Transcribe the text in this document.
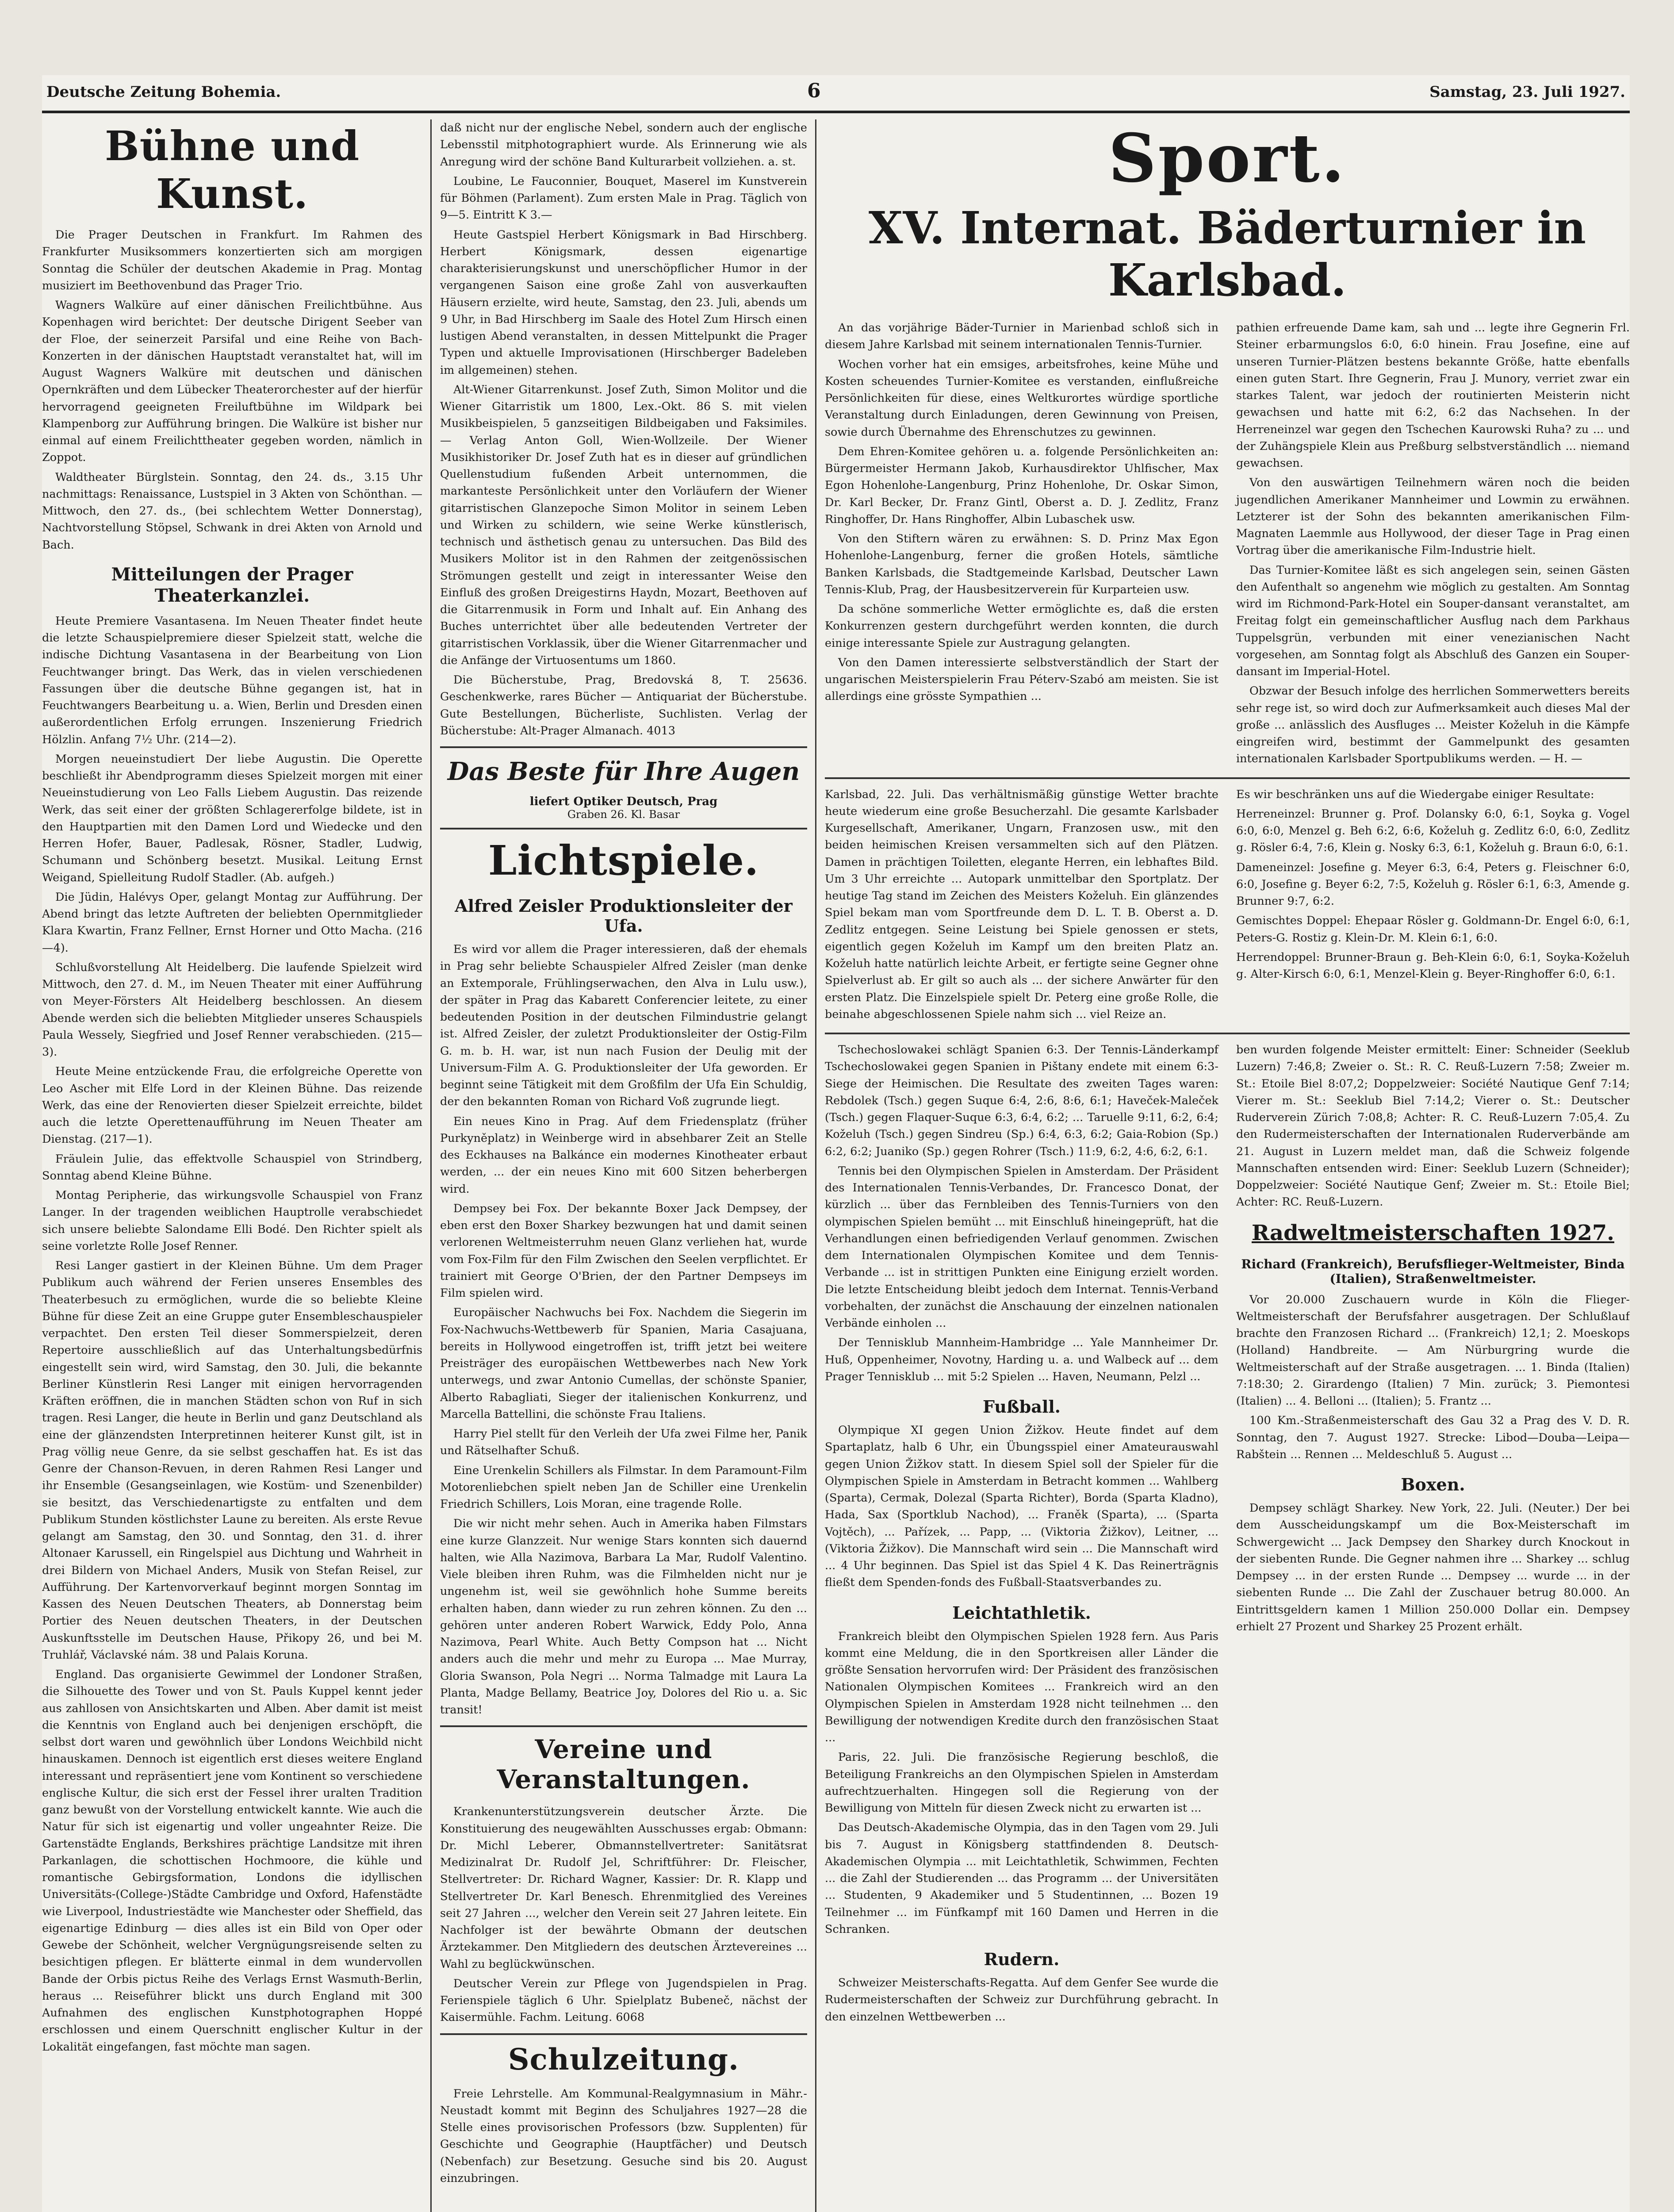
Deutsche Zeitung Bohemia.	6	Samstag, 23. Juli 1927.
Bühne und Kunst.

Die Prager Deutschen in Frankfurt. Im Rahmen des Frankfurter Musiksommers konzertierten sich am morgigen Sonntag die Schüler der deutschen Akademie in Prag. Montag musiziert im Beethovenbund das Prager Trio.

Wagners Walküre auf einer dänischen Freilichtbühne. Aus Kopenhagen wird berichtet: Der deutsche Dirigent Seeber van der Floe, der seinerzeit Parsifal und eine Reihe von Bach-Konzerten in der dänischen Hauptstadt veranstaltet hat, will im August Wagners Walküre mit deutschen und dänischen Opernkräften und dem Lübecker Theaterorchester auf der hierfür hervorragend geeigneten Freiluftbühne im Wildpark bei Klampenborg zur Aufführung bringen. Die Walküre ist bisher nur einmal auf einem Freilichttheater gegeben worden, nämlich in Zoppot.

Waldtheater Bürglstein. Sonntag, den 24. ds., 3.15 Uhr nachmittags: Renaissance, Lustspiel in 3 Akten von Schönthan. — Mittwoch, den 27. ds., (bei schlechtem Wetter Donnerstag), Nachtvorstellung Stöpsel, Schwank in drei Akten von Arnold und Bach.

Mitteilungen der Prager Theaterkanzlei.

Heute Premiere Vasantasena. Im Neuen Theater findet heute die letzte Schauspielpremiere dieser Spielzeit statt, welche die indische Dichtung Vasantasena in der Bearbeitung von Lion Feuchtwanger bringt. Das Werk, das in vielen verschiedenen Fassungen über die deutsche Bühne gegangen ist, hat in Feuchtwangers Bearbeitung u. a. Wien, Berlin und Dresden einen außerordentlichen Erfolg errungen. Inszenierung Friedrich Hölzlin. Anfang 7½ Uhr. (214—2).

Morgen neueinstudiert Der liebe Augustin. Die Operette beschließt ihr Abendprogramm dieses Spielzeit morgen mit einer Neueinstudierung von Leo Falls Liebem Augustin. Das reizende Werk, das seit einer der größten Schlagererfolge bildete, ist in den Hauptpartien mit den Damen Lord und Wiedecke und den Herren Hofer, Bauer, Padlesak, Rösner, Stadler, Ludwig, Schumann und Schönberg besetzt. Musikal. Leitung Ernst Weigand, Spielleitung Rudolf Stadler. (Ab. aufgeh.)

Die Jüdin, Halévys Oper, gelangt Montag zur Aufführung. Der Abend bringt das letzte Auftreten der beliebten Opernmitglieder Klara Kwartin, Franz Fellner, Ernst Horner und Otto Macha. (216—4).

Schlußvorstellung Alt Heidelberg. Die laufende Spielzeit wird Mittwoch, den 27. d. M., im Neuen Theater mit einer Aufführung von Meyer-Försters Alt Heidelberg beschlossen. An diesem Abende werden sich die beliebten Mitglieder unseres Schauspiels Paula Wessely, Siegfried und Josef Renner verabschieden. (215—3).

Heute Meine entzückende Frau, die erfolgreiche Operette von Leo Ascher mit Elfe Lord in der Kleinen Bühne. Das reizende Werk, das eine der Renovierten dieser Spielzeit erreichte, bildet auch die letzte Operettenaufführung im Neuen Theater am Dienstag. (217—1).

Fräulein Julie, das effektvolle Schauspiel von Strindberg, Sonntag abend Kleine Bühne.

Montag Peripherie, das wirkungsvolle Schauspiel von Franz Langer. In der tragenden weiblichen Hauptrolle verabschiedet sich unsere beliebte Salondame Elli Bodé. Den Richter spielt als seine vorletzte Rolle Josef Renner.

Resi Langer gastiert in der Kleinen Bühne. Um dem Prager Publikum auch während der Ferien unseres Ensembles des Theaterbesuch zu ermöglichen, wurde die so beliebte Kleine Bühne für diese Zeit an eine Gruppe guter Ensembleschauspieler verpachtet. Den ersten Teil dieser Sommerspielzeit, deren Repertoire ausschließlich auf das Unterhaltungsbedürfnis eingestellt sein wird, wird Samstag, den 30. Juli, die bekannte Berliner Künstlerin Resi Langer mit einigen hervorragenden Kräften eröffnen, die in manchen Städten schon von Ruf in sich tragen. Resi Langer, die heute in Berlin und ganz Deutschland als eine der glänzendsten Interpretinnen heiterer Kunst gilt, ist in Prag völlig neue Genre, da sie selbst geschaffen hat. Es ist das Genre der Chanson-Revuen, in deren Rahmen Resi Langer und ihr Ensemble (Gesangseinlagen, wie Kostüm- und Szenenbilder) sie besitzt, das Verschiedenartigste zu entfalten und dem Publikum Stunden köstlichster Laune zu bereiten. Als erste Revue gelangt am Samstag, den 30. und Sonntag, den 31. d. ihrer Altonaer Karussell, ein Ringelspiel aus Dichtung und Wahrheit in drei Bildern von Michael Anders, Musik von Stefan Reisel, zur Aufführung. Der Kartenvorverkauf beginnt morgen Sonntag im Kassen des Neuen Deutschen Theaters, ab Donnerstag beim Portier des Neuen deutschen Theaters, in der Deutschen Auskunftsstelle im Deutschen Hause, Přikopy 26, und bei M. Truhlář, Václavské nám. 38 und Palais Koruna.

England. Das organisierte Gewimmel der Londoner Straßen, die Silhouette des Tower und von St. Pauls Kuppel kennt jeder aus zahllosen von Ansichtskarten und Alben. Aber damit ist meist die Kenntnis von England auch bei denjenigen erschöpft, die selbst dort waren und gewöhnlich über Londons Weichbild nicht hinauskamen. Dennoch ist eigentlich erst dieses weitere England interessant und repräsentiert jene vom Kontinent so verschiedene englische Kultur, die sich erst der Fessel ihrer uralten Tradition ganz bewußt von der Vorstellung entwickelt kannte. Wie auch die Natur für sich ist eigenartig und voller ungeahnter Reize. Die Gartenstädte Englands, Berkshires prächtige Landsitze mit ihren Parkanlagen, die schottischen Hochmoore, die kühle und romantische Gebirgsformation, Londons die idyllischen Universitäts-(College-)Städte Cambridge und Oxford, Hafenstädte wie Liverpool, Industriestädte wie Manchester oder Sheffield, das eigenartige Edinburg — dies alles ist ein Bild von Oper oder Gewebe der Schönheit, welcher Vergnügungsreisende selten zu besichtigen pflegen. Er blätterte einmal in dem wundervollen Bande der Orbis pictus Reihe des Verlags Ernst Wasmuth-Berlin, heraus ... Reiseführer blickt uns durch England mit 300 Aufnahmen des englischen Kunstphotographen Hoppé erschlossen und einem Querschnitt englischer Kultur in der Lokalität eingefangen, fast möchte man sagen.

daß nicht nur der englische Nebel, sondern auch der englische Lebensstil mitphotographiert wurde. Als Erinnerung wie als Anregung wird der schöne Band Kulturarbeit vollziehen. a. st.

Loubine, Le Fauconnier, Bouquet, Maserel im Kunstverein für Böhmen (Parlament). Zum ersten Male in Prag. Täglich von 9—5. Eintritt K 3.—

Heute Gastspiel Herbert Königsmark in Bad Hirschberg. Herbert Königsmark, dessen eigenartige charakterisierungskunst und unerschöpflicher Humor in der vergangenen Saison eine große Zahl von ausverkauften Häusern erzielte, wird heute, Samstag, den 23. Juli, abends um 9 Uhr, in Bad Hirschberg im Saale des Hotel Zum Hirsch einen lustigen Abend veranstalten, in dessen Mittelpunkt die Prager Typen und aktuelle Improvisationen (Hirschberger Badeleben im allgemeinen) stehen.

Alt-Wiener Gitarrenkunst. Josef Zuth, Simon Molitor und die Wiener Gitarristik um 1800, Lex.-Okt. 86 S. mit vielen Musikbeispielen, 5 ganzseitigen Bildbeigaben und Faksimiles. — Verlag Anton Goll, Wien-Wollzeile. Der Wiener Musikhistoriker Dr. Josef Zuth hat es in dieser auf gründlichen Quellenstudium fußenden Arbeit unternommen, die markanteste Persönlichkeit unter den Vorläufern der Wiener gitarristischen Glanzepoche Simon Molitor in seinem Leben und Wirken zu schildern, wie seine Werke künstlerisch, technisch und ästhetisch genau zu untersuchen. Das Bild des Musikers Molitor ist in den Rahmen der zeitgenössischen Strömungen gestellt und zeigt in interessanter Weise den Einfluß des großen Dreigestirns Haydn, Mozart, Beethoven auf die Gitarrenmusik in Form und Inhalt auf. Ein Anhang des Buches unterrichtet über alle bedeutenden Vertreter der gitarristischen Vorklassik, über die Wiener Gitarrenmacher und die Anfänge der Virtuosentums um 1860.

Die Bücherstube, Prag, Bredovská 8, T. 25636. Geschenkwerke, rares Bücher — Antiquariat der Bücherstube. Gute Bestellungen, Bücherliste, Suchlisten. Verlag der Bücherstube: Alt-Prager Almanach. 4013

Das Beste für Ihre Augen
liefert Optiker Deutsch, Prag
Graben 26. Kl. Basar
Lichtspiele.
Alfred Zeisler Produktionsleiter der Ufa.

Es wird vor allem die Prager interessieren, daß der ehemals in Prag sehr beliebte Schauspieler Alfred Zeisler (man denke an Extemporale, Frühlingserwachen, den Alva in Lulu usw.), der später in Prag das Kabarett Conferencier leitete, zu einer bedeutenden Position in der deutschen Filmindustrie gelangt ist. Alfred Zeisler, der zuletzt Produktionsleiter der Ostig-Film G. m. b. H. war, ist nun nach Fusion der Deulig mit der Universum-Film A. G. Produktionsleiter der Ufa geworden. Er beginnt seine Tätigkeit mit dem Großfilm der Ufa Ein Schuldig, der den bekannten Roman von Richard Voß zugrunde liegt.

Ein neues Kino in Prag. Auf dem Friedensplatz (früher Purkyněplatz) in Weinberge wird in absehbarer Zeit an Stelle des Eckhauses na Balkánce ein modernes Kinotheater erbaut werden, ... der ein neues Kino mit 600 Sitzen beherbergen wird.

Dempsey bei Fox. Der bekannte Boxer Jack Dempsey, der eben erst den Boxer Sharkey bezwungen hat und damit seinen verlorenen Weltmeisterruhm neuen Glanz verliehen hat, wurde vom Fox-Film für den Film Zwischen den Seelen verpflichtet. Er trainiert mit George O'Brien, der den Partner Dempseys im Film spielen wird.

Europäischer Nachwuchs bei Fox. Nachdem die Siegerin im Fox-Nachwuchs-Wettbewerb für Spanien, Maria Casajuana, bereits in Hollywood eingetroffen ist, trifft jetzt bei weitere Preisträger des europäischen Wettbewerbes nach New York unterwegs, und zwar Antonio Cumellas, der schönste Spanier, Alberto Rabagliati, Sieger der italienischen Konkurrenz, und Marcella Battellini, die schönste Frau Italiens.

Harry Piel stellt für den Verleih der Ufa zwei Filme her, Panik und Rätselhafter Schuß.

Eine Urenkelin Schillers als Filmstar. In dem Paramount-Film Motorenliebchen spielt neben Jan de Schiller eine Urenkelin Friedrich Schillers, Lois Moran, eine tragende Rolle.

Die wir nicht mehr sehen. Auch in Amerika haben Filmstars eine kurze Glanzzeit. Nur wenige Stars konnten sich dauernd halten, wie Alla Nazimova, Barbara La Mar, Rudolf Valentino. Viele bleiben ihren Ruhm, was die Filmhelden nicht nur je ungenehm ist, weil sie gewöhnlich hohe Summe bereits erhalten haben, dann wieder zu run zehren können. Zu den ... gehören unter anderen Robert Warwick, Eddy Polo, Anna Nazimova, Pearl White. Auch Betty Compson hat ... Nicht anders auch die mehr und mehr zu Europa ... Mae Murray, Gloria Swanson, Pola Negri ... Norma Talmadge mit Laura La Planta, Madge Bellamy, Beatrice Joy, Dolores del Rio u. a. Sic transit!

Vereine und Veranstaltungen.

Krankenunterstützungsverein deutscher Ärzte. Die Konstituierung des neugewählten Ausschusses ergab: Obmann: Dr. Michl Leberer, Obmannstellvertreter: Sanitätsrat Medizinalrat Dr. Rudolf Jel, Schriftführer: Dr. Fleischer, Stellvertreter: Dr. Richard Wagner, Kassier: Dr. R. Klapp und Stellvertreter Dr. Karl Benesch. Ehrenmitglied des Vereines seit 27 Jahren ..., welcher den Verein seit 27 Jahren leitete. Ein Nachfolger ist der bewährte Obmann der deutschen Ärztekammer. Den Mitgliedern des deutschen Ärztevereines ... Wahl zu beglückwünschen.

Deutscher Verein zur Pflege von Jugendspielen in Prag. Ferienspiele täglich 6 Uhr. Spielplatz Bubeneč, nächst der Kaisermühle. Fachm. Leitung. 6068

Schulzeitung.

Freie Lehrstelle. Am Kommunal-Realgymnasium in Mähr.-Neustadt kommt mit Beginn des Schuljahres 1927—28 die Stelle eines provisorischen Professors (bzw. Supplenten) für Geschichte und Geographie (Hauptfächer) und Deutsch (Nebenfach) zur Besetzung. Gesuche sind bis 20. August einzubringen.

Sport.
XV. Internat. Bäderturnier in Karlsbad.

An das vorjährige Bäder-Turnier in Marienbad schloß sich in diesem Jahre Karlsbad mit seinem internationalen Tennis-Turnier.

Wochen vorher hat ein emsiges, arbeitsfrohes, keine Mühe und Kosten scheuendes Turnier-Komitee es verstanden, einflußreiche Persönlichkeiten für diese, eines Weltkurortes würdige sportliche Veranstaltung durch Einladungen, deren Gewinnung von Preisen, sowie durch Übernahme des Ehrenschutzes zu gewinnen.

Dem Ehren-Komitee gehören u. a. folgende Persönlichkeiten an: Bürgermeister Hermann Jakob, Kurhausdirektor Uhlfischer, Max Egon Hohenlohe-Langenburg, Prinz Hohenlohe, Dr. Oskar Simon, Dr. Karl Becker, Dr. Franz Gintl, Oberst a. D. J. Zedlitz, Franz Ringhoffer, Dr. Hans Ringhoffer, Albin Lubaschek usw.

Von den Stiftern wären zu erwähnen: S. D. Prinz Max Egon Hohenlohe-Langenburg, ferner die großen Hotels, sämtliche Banken Karlsbads, die Stadtgemeinde Karlsbad, Deutscher Lawn Tennis-Klub, Prag, der Hausbesitzerverein für Kurparteien usw.

Da schöne sommerliche Wetter ermöglichte es, daß die ersten Konkurrenzen gestern durchgeführt werden konnten, die durch einige interessante Spiele zur Austragung gelangten.

Von den Damen interessierte selbstverständlich der Start der ungarischen Meisterspielerin Frau Péterv-Szabó am meisten. Sie ist allerdings eine grösste Sympathien ...

pathien erfreuende Dame kam, sah und ... legte ihre Gegnerin Frl. Steiner erbarmungslos 6:0, 6:0 hinein. Frau Josefine, eine auf unseren Turnier-Plätzen bestens bekannte Größe, hatte ebenfalls einen guten Start. Ihre Gegnerin, Frau J. Munory, verriet zwar ein starkes Talent, war jedoch der routinierten Meisterin nicht gewachsen und hatte mit 6:2, 6:2 das Nachsehen. In der Herreneinzel war gegen den Tschechen Kaurowski Ruha? zu ... und der Zuhängspiele Klein aus Preßburg selbstverständlich ... niemand gewachsen.

Von den auswärtigen Teilnehmern wären noch die beiden jugendlichen Amerikaner Mannheimer und Lowmin zu erwähnen. Letzterer ist der Sohn des bekannten amerikanischen Film-Magnaten Laemmle aus Hollywood, der dieser Tage in Prag einen Vortrag über die amerikanische Film-Industrie hielt.

Das Turnier-Komitee läßt es sich angelegen sein, seinen Gästen den Aufenthalt so angenehm wie möglich zu gestalten. Am Sonntag wird im Richmond-Park-Hotel ein Souper-dansant veranstaltet, am Freitag folgt ein gemeinschaftlicher Ausflug nach dem Parkhaus Tuppelsgrün, verbunden mit einer venezianischen Nacht vorgesehen, am Sonntag folgt als Abschluß des Ganzen ein Souper-dansant im Imperial-Hotel.

Obzwar der Besuch infolge des herrlichen Sommerwetters bereits sehr rege ist, so wird doch zur Aufmerksamkeit auch dieses Mal der große ... anlässlich des Ausfluges ... Meister Koželuh in die Kämpfe eingreifen wird, bestimmt der Gammelpunkt des gesamten internationalen Karlsbader Sportpublikums werden. — H. —

Karlsbad, 22. Juli. Das verhältnismäßig günstige Wetter brachte heute wiederum eine große Besucherzahl. Die gesamte Karlsbader Kurgesellschaft, Amerikaner, Ungarn, Franzosen usw., mit den beiden heimischen Kreisen versammelten sich auf den Plätzen. Damen in prächtigen Toiletten, elegante Herren, ein lebhaftes Bild. Um 3 Uhr erreichte ... Autopark unmittelbar den Sportplatz. Der heutige Tag stand im Zeichen des Meisters Koželuh. Ein glänzendes Spiel bekam man vom Sportfreunde dem D. L. T. B. Oberst a. D. Zedlitz entgegen. Seine Leistung bei Spiele genossen er stets, eigentlich gegen Koželuh im Kampf um den breiten Platz an. Koželuh hatte natürlich leichte Arbeit, er fertigte seine Gegner ohne Spielverlust ab. Er gilt so auch als ... der sichere Anwärter für den ersten Platz. Die Einzelspiele spielt Dr. Peterg eine große Rolle, die beinahe abgeschlossenen Spiele nahm sich ... viel Reize an.

Es wir beschränken uns auf die Wiedergabe einiger Resultate:

Herreneinzel: Brunner g. Prof. Dolansky 6:0, 6:1, Soyka g. Vogel 6:0, 6:0, Menzel g. Beh 6:2, 6:6, Koželuh g. Zedlitz 6:0, 6:0, Zedlitz g. Rösler 6:4, 7:6, Klein g. Nosky 6:3, 6:1, Koželuh g. Braun 6:0, 6:1.

Dameneinzel: Josefine g. Meyer 6:3, 6:4, Peters g. Fleischner 6:0, 6:0, Josefine g. Beyer 6:2, 7:5, Koželuh g. Rösler 6:1, 6:3, Amende g. Brunner 9:7, 6:2.

Gemischtes Doppel: Ehepaar Rösler g. Goldmann-Dr. Engel 6:0, 6:1, Peters-G. Rostiz g. Klein-Dr. M. Klein 6:1, 6:0.

Herrendoppel: Brunner-Braun g. Beh-Klein 6:0, 6:1, Soyka-Koželuh g. Alter-Kirsch 6:0, 6:1, Menzel-Klein g. Beyer-Ringhoffer 6:0, 6:1.

Tschechoslowakei schlägt Spanien 6:3. Der Tennis-Länderkampf Tschechoslowakei gegen Spanien in Pištany endete mit einem 6:3-Siege der Heimischen. Die Resultate des zweiten Tages waren: Rebdolek (Tsch.) gegen Suque 6:4, 2:6, 8:6, 6:1; Haveček-Maleček (Tsch.) gegen Flaquer-Suque 6:3, 6:4, 6:2; ... Taruelle 9:11, 6:2, 6:4; Koželuh (Tsch.) gegen Sindreu (Sp.) 6:4, 6:3, 6:2; Gaia-Robion (Sp.) 6:2, 6:2; Juaniko (Sp.) gegen Rohrer (Tsch.) 11:9, 6:2, 4:6, 6:2, 6:1.

Tennis bei den Olympischen Spielen in Amsterdam. Der Präsident des Internationalen Tennis-Verbandes, Dr. Francesco Donat, der kürzlich ... über das Fernbleiben des Tennis-Turniers von den olympischen Spielen bemüht ... mit Einschluß hineingeprüft, hat die Verhandlungen einen befriedigenden Verlauf genommen. Zwischen dem Internationalen Olympischen Komitee und dem Tennis-Verbande ... ist in strittigen Punkten eine Einigung erzielt worden. Die letzte Entscheidung bleibt jedoch dem Internat. Tennis-Verband vorbehalten, der zunächst die Anschauung der einzelnen nationalen Verbände einholen ...

Der Tennisklub Mannheim-Hambridge ... Yale Mannheimer Dr. Huß, Oppenheimer, Novotny, Harding u. a. und Walbeck auf ... dem Prager Tennisklub ... mit 5:2 Spielen ... Haven, Neumann, Pelzl ...

Fußball.

Olympique XI gegen Union Žižkov. Heute findet auf dem Spartaplatz, halb 6 Uhr, ein Übungsspiel einer Amateurauswahl gegen Union Žižkov statt. In diesem Spiel soll der Spieler für die Olympischen Spiele in Amsterdam in Betracht kommen ... Wahlberg (Sparta), Cermak, Dolezal (Sparta Richter), Borda (Sparta Kladno), Hada, Sax (Sportklub Nachod), ... Franěk (Sparta), ... (Sparta Vojtěch), ... Pařízek, ... Papp, ... (Viktoria Žižkov), Leitner, ... (Viktoria Žižkov). Die Mannschaft wird sein ... Die Mannschaft wird ... 4 Uhr beginnen. Das Spiel ist das Spiel 4 K. Das Reinerträgnis fließt dem Spenden-fonds des Fußball-Staatsverbandes zu.

Leichtathletik.

Frankreich bleibt den Olympischen Spielen 1928 fern. Aus Paris kommt eine Meldung, die in den Sportkreisen aller Länder die größte Sensation hervorrufen wird: Der Präsident des französischen Nationalen Olympischen Komitees ... Frankreich wird an den Olympischen Spielen in Amsterdam 1928 nicht teilnehmen ... den Bewilligung der notwendigen Kredite durch den französischen Staat ...

Paris, 22. Juli. Die französische Regierung beschloß, die Beteiligung Frankreichs an den Olympischen Spielen in Amsterdam aufrechtzuerhalten. Hingegen soll die Regierung von der Bewilligung von Mitteln für diesen Zweck nicht zu erwarten ist ...

Das Deutsch-Akademische Olympia, das in den Tagen vom 29. Juli bis 7. August in Königsberg stattfindenden 8. Deutsch-Akademischen Olympia ... mit Leichtathletik, Schwimmen, Fechten ... die Zahl der Studierenden ... das Programm ... der Universitäten ... Studenten, 9 Akademiker und 5 Studentinnen, ... Bozen 19 Teilnehmer ... im Fünfkampf mit 160 Damen und Herren in die Schranken.

Rudern.

Schweizer Meisterschafts-Regatta. Auf dem Genfer See wurde die Rudermeisterschaften der Schweiz zur Durchführung gebracht. In den einzelnen Wettbewerben ...

ben wurden folgende Meister ermittelt: Einer: Schneider (Seeklub Luzern) 7:46,8; Zweier o. St.: R. C. Reuß-Luzern 7:58; Zweier m. St.: Etoile Biel 8:07,2; Doppelzweier: Société Nautique Genf 7:14; Vierer m. St.: Seeklub Biel 7:14,2; Vierer o. St.: Deutscher Ruderverein Zürich 7:08,8; Achter: R. C. Reuß-Luzern 7:05,4. Zu den Rudermeisterschaften der Internationalen Ruderverbände am 21. August in Luzern meldet man, daß die Schweiz folgende Mannschaften entsenden wird: Einer: Seeklub Luzern (Schneider); Doppelzweier: Société Nautique Genf; Zweier m. St.: Etoile Biel; Achter: RC. Reuß-Luzern.

Radweltmeisterschaften 1927.
Richard (Frankreich), Berufsflieger-Weltmeister, Binda (Italien), Straßenweltmeister.

Vor 20.000 Zuschauern wurde in Köln die Flieger-Weltmeisterschaft der Berufsfahrer ausgetragen. Der Schlußlauf brachte den Franzosen Richard ... (Frankreich) 12,1; 2. Moeskops (Holland) Handbreite. — Am Nürburgring wurde die Weltmeisterschaft auf der Straße ausgetragen. ... 1. Binda (Italien) 7:18:30; 2. Girardengo (Italien) 7 Min. zurück; 3. Piemontesi (Italien) ... 4. Belloni ... (Italien); 5. Frantz ...

100 Km.-Straßenmeisterschaft des Gau 32 a Prag des V. D. R. Sonntag, den 7. August 1927. Strecke: Libod—Douba—Leipa—Rabštein ... Rennen ... Meldeschluß 5. August ...

Boxen.

Dempsey schlägt Sharkey. New York, 22. Juli. (Neuter.) Der bei dem Ausscheidungskampf um die Box-Meisterschaft im Schwergewicht ... Jack Dempsey den Sharkey durch Knockout in der siebenten Runde. Die Gegner nahmen ihre ... Sharkey ... schlug Dempsey ... in der ersten Runde ... Dempsey ... wurde ... in der siebenten Runde ... Die Zahl der Zuschauer betrug 80.000. An Eintrittsgeldern kamen 1 Million 250.000 Dollar ein. Dempsey erhielt 27 Prozent und Sharkey 25 Prozent erhält.
